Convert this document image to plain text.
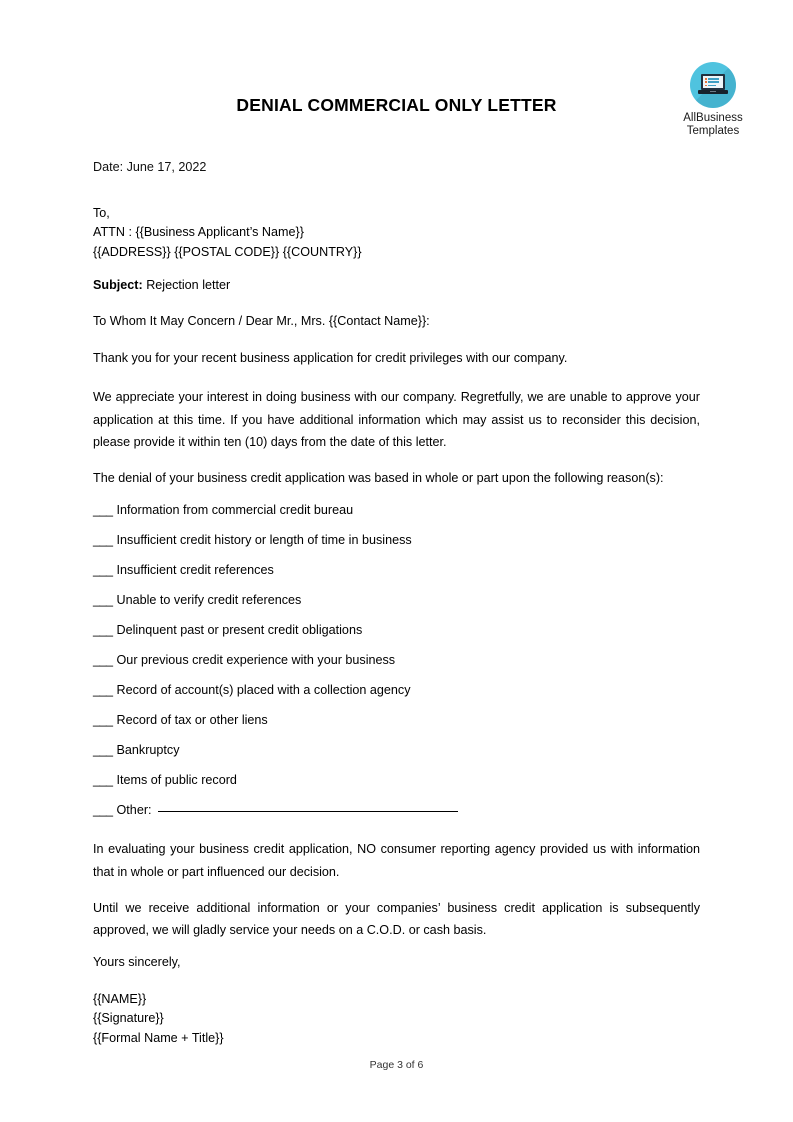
AllBusiness
Templates
DENIAL COMMERCIAL ONLY LETTER
Date: June 17, 2022
To,
ATTN : {{Business Applicant’s Name}}
{{ADDRESS}} {{POSTAL CODE}} {{COUNTRY}}
Subject: Rejection letter
To Whom It May Concern / Dear Mr., Mrs. {{Contact Name}}:
Thank you for your recent business application for credit privileges with our company.
We appreciate your interest in doing business with our company. Regretfully, we are unable to approve your application at this time. If you have additional information which may assist us to reconsider this decision, please provide it within ten (10) days from the date of this letter.
The denial of your business credit application was based in whole or part upon the following reason(s):
___ Information from commercial credit bureau
___ Insufficient credit history or length of time in business
___ Insufficient credit references
___ Unable to verify credit references
___ Delinquent past or present credit obligations
___ Our previous credit experience with your business
___ Record of account(s) placed with a collection agency
___ Record of tax or other liens
___ Bankruptcy
___ Items of public record
___ Other:
In evaluating your business credit application, NO consumer reporting agency provided us with information that in whole or part influenced our decision.
Until we receive additional information or your companies’ business credit application is subsequently approved, we will gladly service your needs on a C.O.D. or cash basis.
Yours sincerely,
{{NAME}}
{{Signature}}
{{Formal Name + Title}}
Page 3 of 6
